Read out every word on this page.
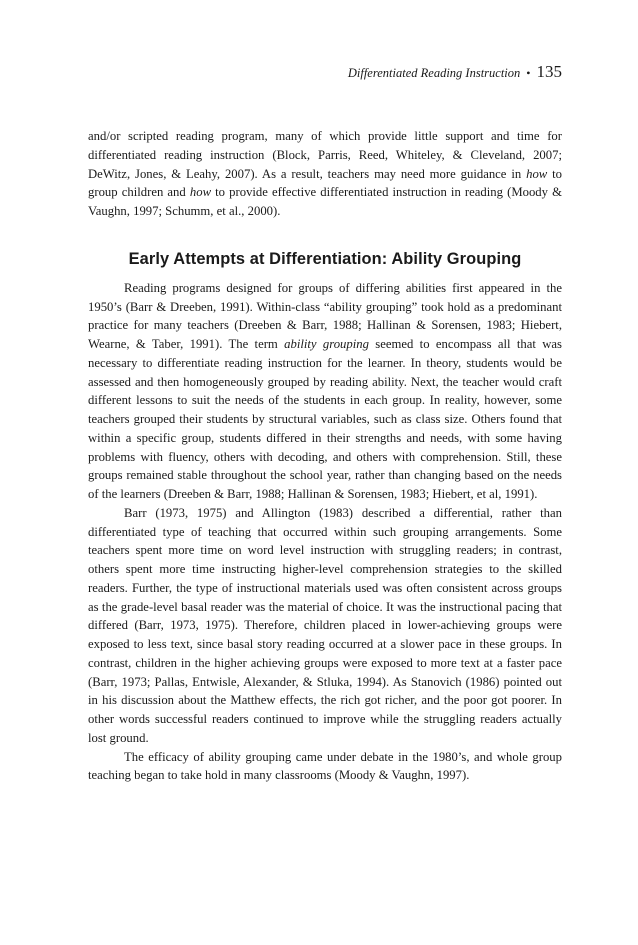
Differentiated Reading Instruction • 135

and/or scripted reading program, many of which provide little support and time for differentiated reading instruction (Block, Parris, Reed, Whiteley, & Cleveland, 2007; DeWitz, Jones, & Leahy, 2007). As a result, teachers may need more guidance in how to group children and how to provide effective differentiated instruction in reading (Moody & Vaughn, 1997; Schumm, et al., 2000).

Early Attempts at Differentiation: Ability Grouping

Reading programs designed for groups of differing abilities first appeared in the 1950’s (Barr & Dreeben, 1991). Within-class “ability grouping” took hold as a predominant practice for many teachers (Dreeben & Barr, 1988; Hallinan & Sorensen, 1983; Hiebert, Wearne, & Taber, 1991). The term ability grouping seemed to encompass all that was necessary to differentiate reading instruction for the learner. In theory, students would be assessed and then homogeneously grouped by reading ability. Next, the teacher would craft different lessons to suit the needs of the students in each group. In reality, however, some teachers grouped their students by structural variables, such as class size. Others found that within a specific group, students differed in their strengths and needs, with some having problems with fluency, others with decoding, and others with comprehension. Still, these groups remained stable throughout the school year, rather than changing based on the needs of the learners (Dreeben & Barr, 1988; Hallinan & Sorensen, 1983; Hiebert, et al, 1991).

Barr (1973, 1975) and Allington (1983) described a differential, rather than differentiated type of teaching that occurred within such grouping arrangements. Some teachers spent more time on word level instruction with struggling readers; in contrast, others spent more time instructing higher-level comprehension strategies to the skilled readers. Further, the type of instructional materials used was often consistent across groups as the grade-level basal reader was the material of choice. It was the instructional pacing that differed (Barr, 1973, 1975). Therefore, children placed in lower-achieving groups were exposed to less text, since basal story reading occurred at a slower pace in these groups. In contrast, children in the higher achieving groups were exposed to more text at a faster pace (Barr, 1973; Pallas, Entwisle, Alexander, & Stluka, 1994). As Stanovich (1986) pointed out in his discussion about the Matthew effects, the rich got richer, and the poor got poorer. In other words successful readers continued to improve while the struggling readers actually lost ground.

The efficacy of ability grouping came under debate in the 1980’s, and whole group teaching began to take hold in many classrooms (Moody & Vaughn, 1997).
